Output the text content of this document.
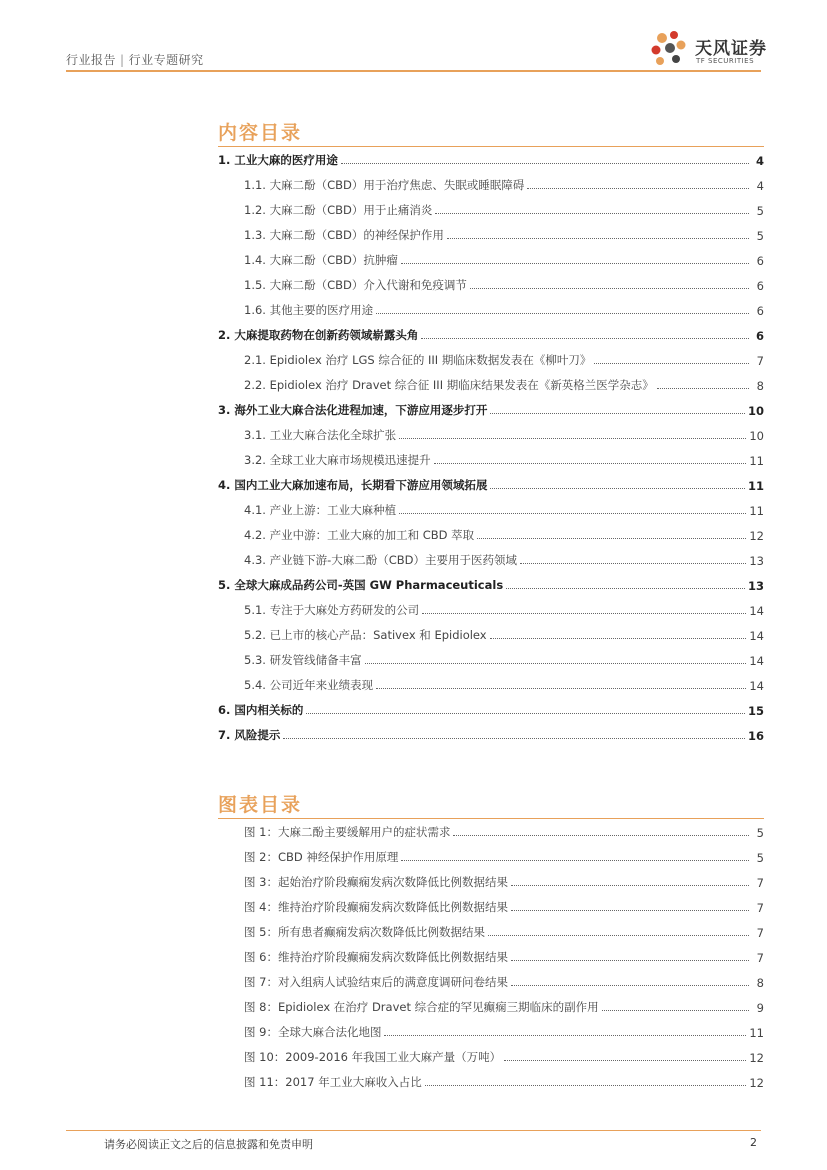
行业报告 | 行业专题研究
天风证券
TF SECURITIES
内容目录
1. 工业大麻的医疗用途	4
1.1. 大麻二酚（CBD）用于治疗焦虑、失眠或睡眠障碍	4
1.2. 大麻二酚（CBD）用于止痛消炎	5
1.3. 大麻二酚（CBD）的神经保护作用	5
1.4. 大麻二酚（CBD）抗肿瘤	6
1.5. 大麻二酚（CBD）介入代谢和免疫调节	6
1.6. 其他主要的医疗用途	6
2. 大麻提取药物在创新药领域崭露头角	6
2.1. Epidiolex 治疗 LGS 综合征的 III 期临床数据发表在《柳叶刀》	7
2.2. Epidiolex 治疗 Dravet 综合征 III 期临床结果发表在《新英格兰医学杂志》	8
3. 海外工业大麻合法化进程加速，下游应用逐步打开	10
3.1. 工业大麻合法化全球扩张	10
3.2. 全球工业大麻市场规模迅速提升	11
4. 国内工业大麻加速布局，长期看下游应用领域拓展	11
4.1. 产业上游：工业大麻种植	11
4.2. 产业中游：工业大麻的加工和 CBD 萃取	12
4.3. 产业链下游-大麻二酚（CBD）主要用于医药领域	13
5. 全球大麻成品药公司-英国 GW Pharmaceuticals	13
5.1. 专注于大麻处方药研发的公司	14
5.2. 已上市的核心产品：Sativex 和 Epidiolex	14
5.3. 研发管线储备丰富	14
5.4. 公司近年来业绩表现	14
6. 国内相关标的	15
7. 风险提示	16
图表目录
图 1：大麻二酚主要缓解用户的症状需求	5
图 2：CBD 神经保护作用原理	5
图 3：起始治疗阶段癫痫发病次数降低比例数据结果	7
图 4：维持治疗阶段癫痫发病次数降低比例数据结果	7
图 5：所有患者癫痫发病次数降低比例数据结果	7
图 6：维持治疗阶段癫痫发病次数降低比例数据结果	7
图 7：对入组病人试验结束后的满意度调研问卷结果	8
图 8：Epidiolex 在治疗 Dravet 综合症的罕见癫痫三期临床的副作用	9
图 9：全球大麻合法化地图	11
图 10：2009-2016 年我国工业大麻产量（万吨）	12
图 11：2017 年工业大麻收入占比	12
请务必阅读正文之后的信息披露和免责申明	2
